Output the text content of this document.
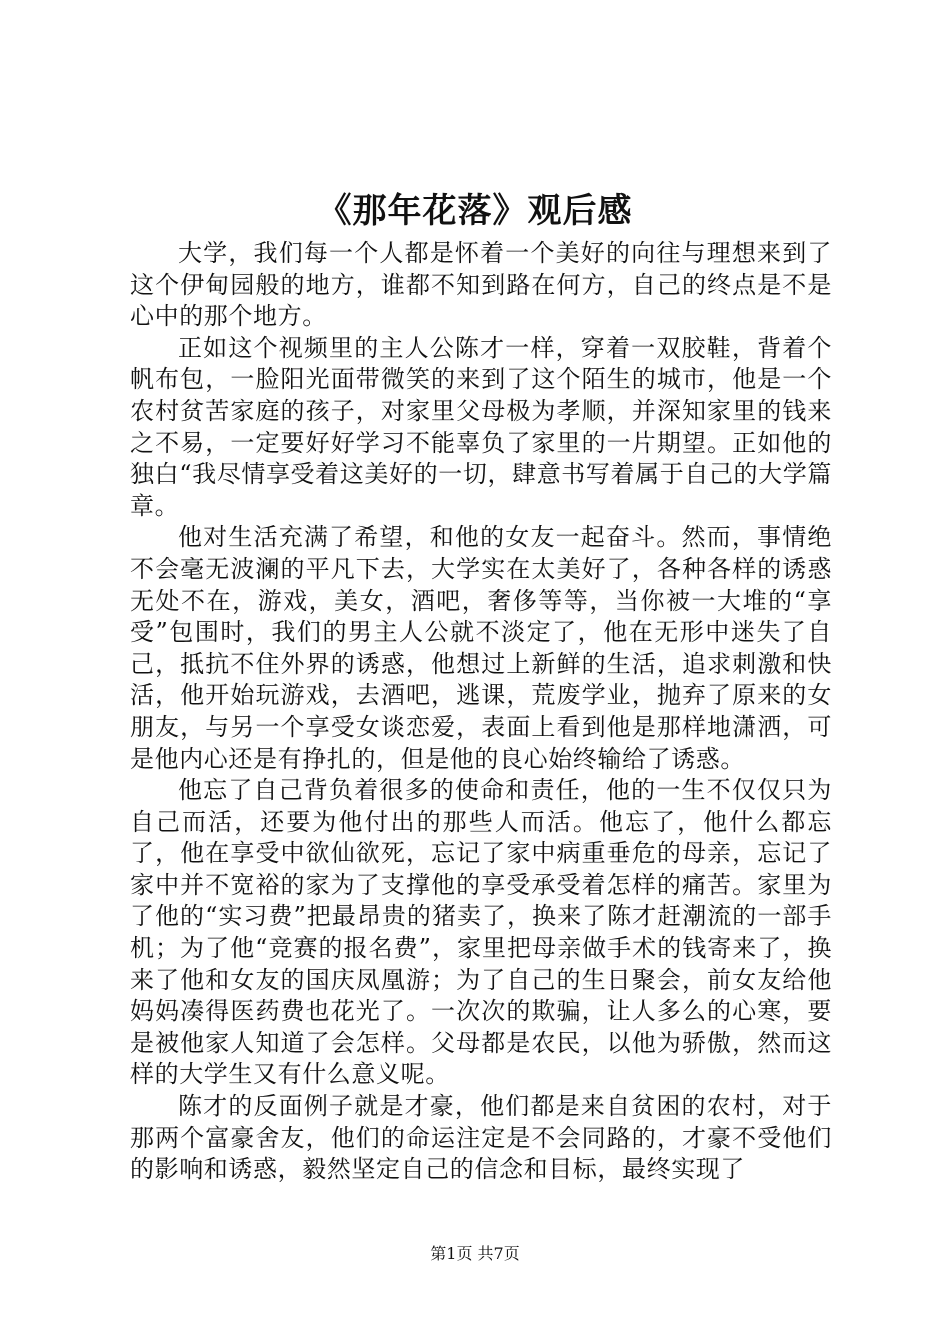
《那年花落》观后感

大学，我们每一个人都是怀着一个美好的向往与理想来到了这个伊甸园般的地方，谁都不知到路在何方，自己的终点是不是心中的那个地方。

正如这个视频里的主人公陈才一样，穿着一双胶鞋，背着个帆布包，一脸阳光面带微笑的来到了这个陌生的城市，他是一个农村贫苦家庭的孩子，对家里父母极为孝顺，并深知家里的钱来之不易，一定要好好学习不能辜负了家里的一片期望。正如他的独白“我尽情享受着这美好的一切，肆意书写着属于自己的大学篇章。

他对生活充满了希望，和他的女友一起奋斗。然而，事情绝不会毫无波澜的平凡下去，大学实在太美好了，各种各样的诱惑无处不在，游戏，美女，酒吧，奢侈等等，当你被一大堆的“享受”包围时，我们的男主人公就不淡定了，他在无形中迷失了自己，抵抗不住外界的诱惑，他想过上新鲜的生活，追求刺激和快活，他开始玩游戏，去酒吧，逃课，荒废学业，抛弃了原来的女朋友，与另一个享受女谈恋爱，表面上看到他是那样地潇洒，可是他内心还是有挣扎的，但是他的良心始终输给了诱惑。

他忘了自己背负着很多的使命和责任，他的一生不仅仅只为自己而活，还要为他付出的那些人而活。他忘了，他什么都忘了，他在享受中欲仙欲死，忘记了家中病重垂危的母亲，忘记了家中并不宽裕的家为了支撑他的享受承受着怎样的痛苦。家里为了他的“实习费”把最昂贵的猪卖了，换来了陈才赶潮流的一部手机；为了他“竞赛的报名费”，家里把母亲做手术的钱寄来了，换来了他和女友的国庆凤凰游；为了自己的生日聚会，前女友给他妈妈凑得医药费也花光了。一次次的欺骗，让人多么的心寒，要是被他家人知道了会怎样。父母都是农民，以他为骄傲，然而这样的大学生又有什么意义呢。

陈才的反面例子就是才豪，他们都是来自贫困的农村，对于那两个富豪舍友，他们的命运注定是不会同路的，才豪不受他们的影响和诱惑，毅然坚定自己的信念和目标，最终实现了

第1页 共7页
